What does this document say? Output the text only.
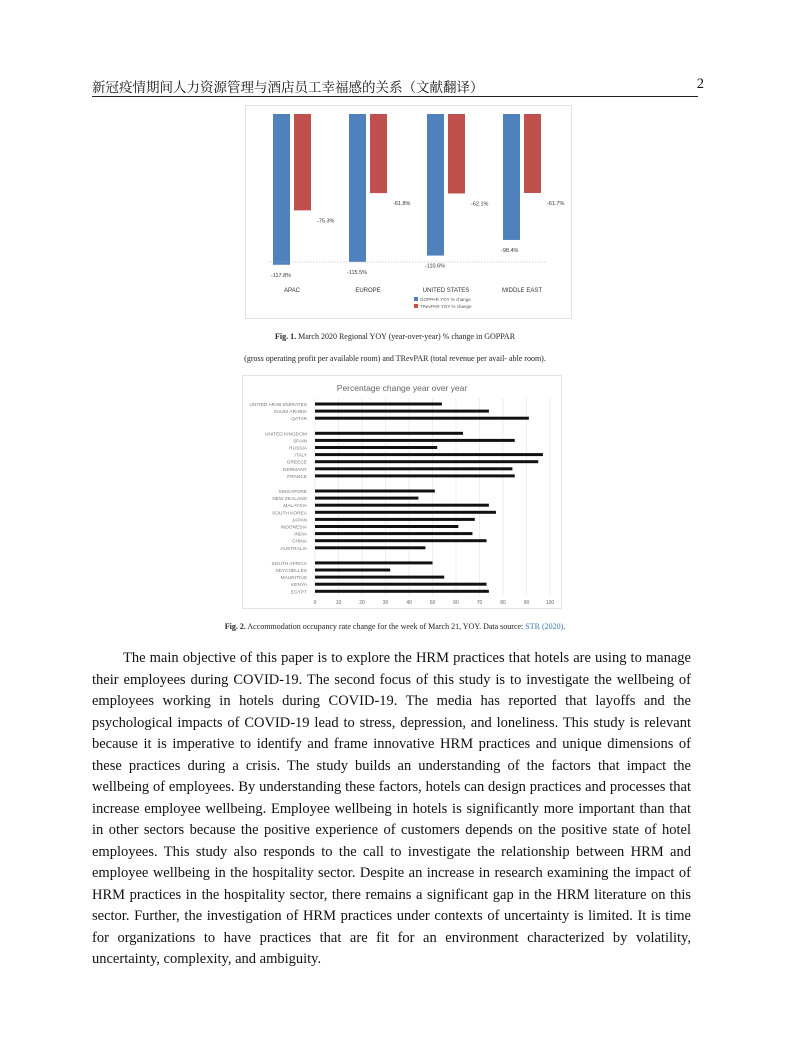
新冠疫情期间人力资源管理与酒店员工幸福感的关系（文献翻译）	2
-117.8%
-75.3%
APAC
-115.5%
-61.8%
EUROPE
-110.6%
-62.1%
UNITED STATES
-98.4%
-61.7%
MIDDLE EAST
GOPPAR YOY % change
TRevPAR YOY % change
Fig. 1. March 2020 Regional YOY (year-over-year) % change in GOPPAR
(gross operating profit per available room) and TRevPAR (total revenue per avail- able room).
Percentage change year over year
0	10	20	30	40	50	60	70	80	90	100
UNITED ARAB EMIRATES
SAUDI ARABIA
QATAR
UNITED KINGDOM
SPAIN
RUSSIA
ITALY
GREECE
GERMANY
FRANCE
SINGAPORE
NEW ZEALAND
MALAYSIA
SOUTH KOREA
JAPAN
INDONESIA
INDIA
CHINA
AUSTRALIA
SOUTH AFRICA
SEYCHELLES
MAURITIUS
KENYA
EGYPT
Fig. 2. Accommodation occupancy rate change for the week of March 21, YOY. Data source: STR (2020).

The main objective of this paper is to explore the HRM practices that hotels are using to manage their employees during COVID-19. The second focus of this study is to investigate the wellbeing of employees working in hotels during COVID-19. The media has reported that layoffs and the psychological impacts of COVID-19 lead to stress, depression, and loneliness. This study is relevant because it is imperative to identify and frame innovative HRM practices and unique dimensions of these practices during a crisis. The study builds an understanding of the factors that impact the wellbeing of employees. By understanding these factors, hotels can design practices and processes that increase employee wellbeing. Employee wellbeing in hotels is significantly more important than that in other sectors because the positive experience of customers depends on the positive state of hotel employees. This study also responds to the call to investigate the relationship between HRM and employee wellbeing in the hospitality sector. Despite an increase in research examining the impact of HRM practices in the hospitality sector, there remains a significant gap in the HRM literature on this sector. Further, the investigation of HRM practices under contexts of uncertainty is limited. It is time for organizations to have practices that are fit for an environment characterized by volatility, uncertainty, complexity, and ambiguity.
